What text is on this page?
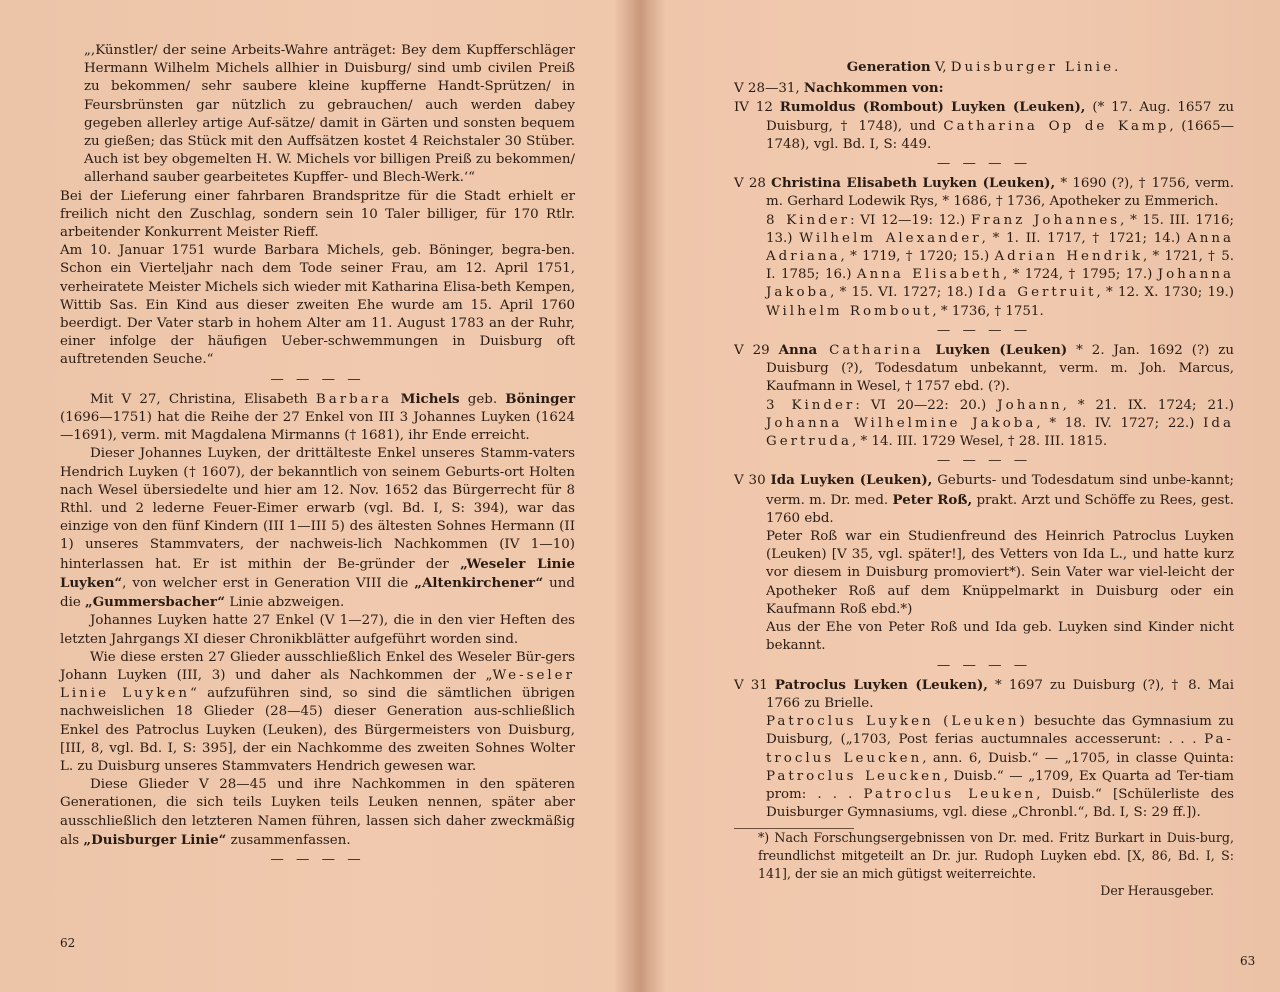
„,Künstler/ der seine Arbeits-Wahre anträget: Bey dem Kupfferschläger Hermann Wilhelm Michels allhier in Duisburg/ sind umb civilen Preiß zu bekommen/ sehr saubere kleine kupfferne Handt-Sprützen/ in Feursbrünsten gar nützlich zu gebrauchen/ auch werden dabey gegeben allerley artige Auf-sätze/ damit in Gärten und sonsten bequem zu gießen; das Stück mit den Auffsätzen kostet 4 Reichstaler 30 Stüber. Auch ist bey obgemelten H. W. Michels vor billigen Preiß zu bekommen/ allerhand sauber gearbeitetes Kupffer- und Blech-Werk.‘“

Bei der Lieferung einer fahrbaren Brandspritze für die Stadt erhielt er freilich nicht den Zuschlag, sondern sein 10 Taler billiger, für 170 Rtlr. arbeitender Konkurrent Meister Rieff.

Am 10. Januar 1751 wurde Barbara Michels, geb. Böninger, begra-ben. Schon ein Vierteljahr nach dem Tode seiner Frau, am 12. April 1751, verheiratete Meister Michels sich wieder mit Katharina Elisa-beth Kempen, Wittib Sas. Ein Kind aus dieser zweiten Ehe wurde am 15. April 1760 beerdigt. Der Vater starb in hohem Alter am 11. August 1783 an der Ruhr, einer infolge der häufigen Ueber-schwemmungen in Duisburg oft auftretenden Seuche.“

— — — —

Mit V 27, Christina, Elisabeth Barbara Michels geb. Böninger (1696—1751) hat die Reihe der 27 Enkel von III 3 Johannes Luyken (1624—1691), verm. mit Magdalena Mirmanns († 1681), ihr Ende erreicht.

Dieser Johannes Luyken, der drittälteste Enkel unseres Stamm-vaters Hendrich Luyken († 1607), der bekanntlich von seinem Geburts-ort Holten nach Wesel übersiedelte und hier am 12. Nov. 1652 das Bürgerrecht für 8 Rthl. und 2 lederne Feuer-Eimer erwarb (vgl. Bd. I, S: 394), war das einzige von den fünf Kindern (III 1—III 5) des ältesten Sohnes Hermann (II 1) unseres Stammvaters, der nachweis-lich Nachkommen (IV 1—10) hinterlassen hat. Er ist mithin der Be-gründer der „Weseler Linie Luyken“, von welcher erst in Generation VIII die „Altenkirchener“ und die „Gummersbacher“ Linie abzweigen.

Johannes Luyken hatte 27 Enkel (V 1—27), die in den vier Heften des letzten Jahrgangs XI dieser Chronikblätter aufgeführt worden sind.

Wie diese ersten 27 Glieder ausschließlich Enkel des Weseler Bür-gers Johann Luyken (III, 3) und daher als Nachkommen der „We-seler Linie Luyken“ aufzuführen sind, so sind die sämtlichen übrigen nachweislichen 18 Glieder (28—45) dieser Generation aus-schließlich Enkel des Patroclus Luyken (Leuken), des Bürgermeisters von Duisburg, [III, 8, vgl. Bd. I, S: 395], der ein Nachkomme des zweiten Sohnes Wolter L. zu Duisburg unseres Stammvaters Hendrich gewesen war.

Diese Glieder V 28—45 und ihre Nachkommen in den späteren Generationen, die sich teils Luyken teils Leuken nennen, später aber ausschließlich den letzteren Namen führen, lassen sich daher zweckmäßig als „Duisburger Linie“ zusammenfassen.

— — — —
62
Generation V, Duisburger Linie.

V 28—31, Nachkommen von:

IV 12 Rumoldus (Rombout) Luyken (Leuken), (* 17. Aug. 1657 zu Duisburg, † 1748), und Catharina Op de Kamp, (1665—1748), vgl. Bd. I, S: 449.

— — — —

V 28 Christina Elisabeth Luyken (Leuken), * 1690 (?), † 1756, verm. m. Gerhard Lodewik Rys, * 1686, † 1736, Apotheker zu Emmerich.

8 Kinder: VI 12—19: 12.) Franz Johannes, * 15. III. 1716; 13.) Wilhelm Alexander, * 1. II. 1717, † 1721; 14.) Anna Adriana, * 1719, † 1720; 15.) Adrian Hendrik, * 1721, † 5. I. 1785; 16.) Anna Elisabeth, * 1724, † 1795; 17.) Johanna Jakoba, * 15. VI. 1727; 18.) Ida Gertruit, * 12. X. 1730; 19.) Wilhelm Rombout, * 1736, † 1751.

— — — —

V 29 Anna Catharina Luyken (Leuken) * 2. Jan. 1692 (?) zu Duisburg (?), Todesdatum unbekannt, verm. m. Joh. Marcus, Kaufmann in Wesel, † 1757 ebd. (?).

3 Kinder: VI 20—22: 20.) Johann, * 21. IX. 1724; 21.) Johanna Wilhelmine Jakoba, * 18. IV. 1727; 22.) Ida Gertruda, * 14. III. 1729 Wesel, † 28. III. 1815.

— — — —

V 30 Ida Luyken (Leuken), Geburts- und Todesdatum sind unbe-kannt; verm. m. Dr. med. Peter Roß, prakt. Arzt und Schöffe zu Rees, gest. 1760 ebd.

Peter Roß war ein Studienfreund des Heinrich Patroclus Luyken (Leuken) [V 35, vgl. später!], des Vetters von Ida L., und hatte kurz vor diesem in Duisburg promoviert*). Sein Vater war viel-leicht der Apotheker Roß auf dem Knüppelmarkt in Duisburg oder ein Kaufmann Roß ebd.*)

Aus der Ehe von Peter Roß und Ida geb. Luyken sind Kinder nicht bekannt.

— — — —

V 31 Patroclus Luyken (Leuken), * 1697 zu Duisburg (?), † 8. Mai 1766 zu Brielle.

Patroclus Luyken (Leuken) besuchte das Gymnasium zu Duisburg, („1703, Post ferias auctumnales accesserunt: . . . Pa-troclus Leucken, ann. 6, Duisb.“ — „1705, in classe Quinta: Patroclus Leucken, Duisb.“ — „1709, Ex Quarta ad Ter-tiam prom: . . . Patroclus Leuken, Duisb.“ [Schülerliste des Duisburger Gymnasiums, vgl. diese „Chronbl.“, Bd. I, S: 29 ff.]).

*) Nach Forschungsergebnissen von Dr. med. Fritz Burkart in Duis-burg, freundlichst mitgeteilt an Dr. jur. Rudoph Luyken ebd. [X, 86, Bd. I, S: 141], der sie an mich gütigst weiterreichte.

Der Herausgeber.
63
